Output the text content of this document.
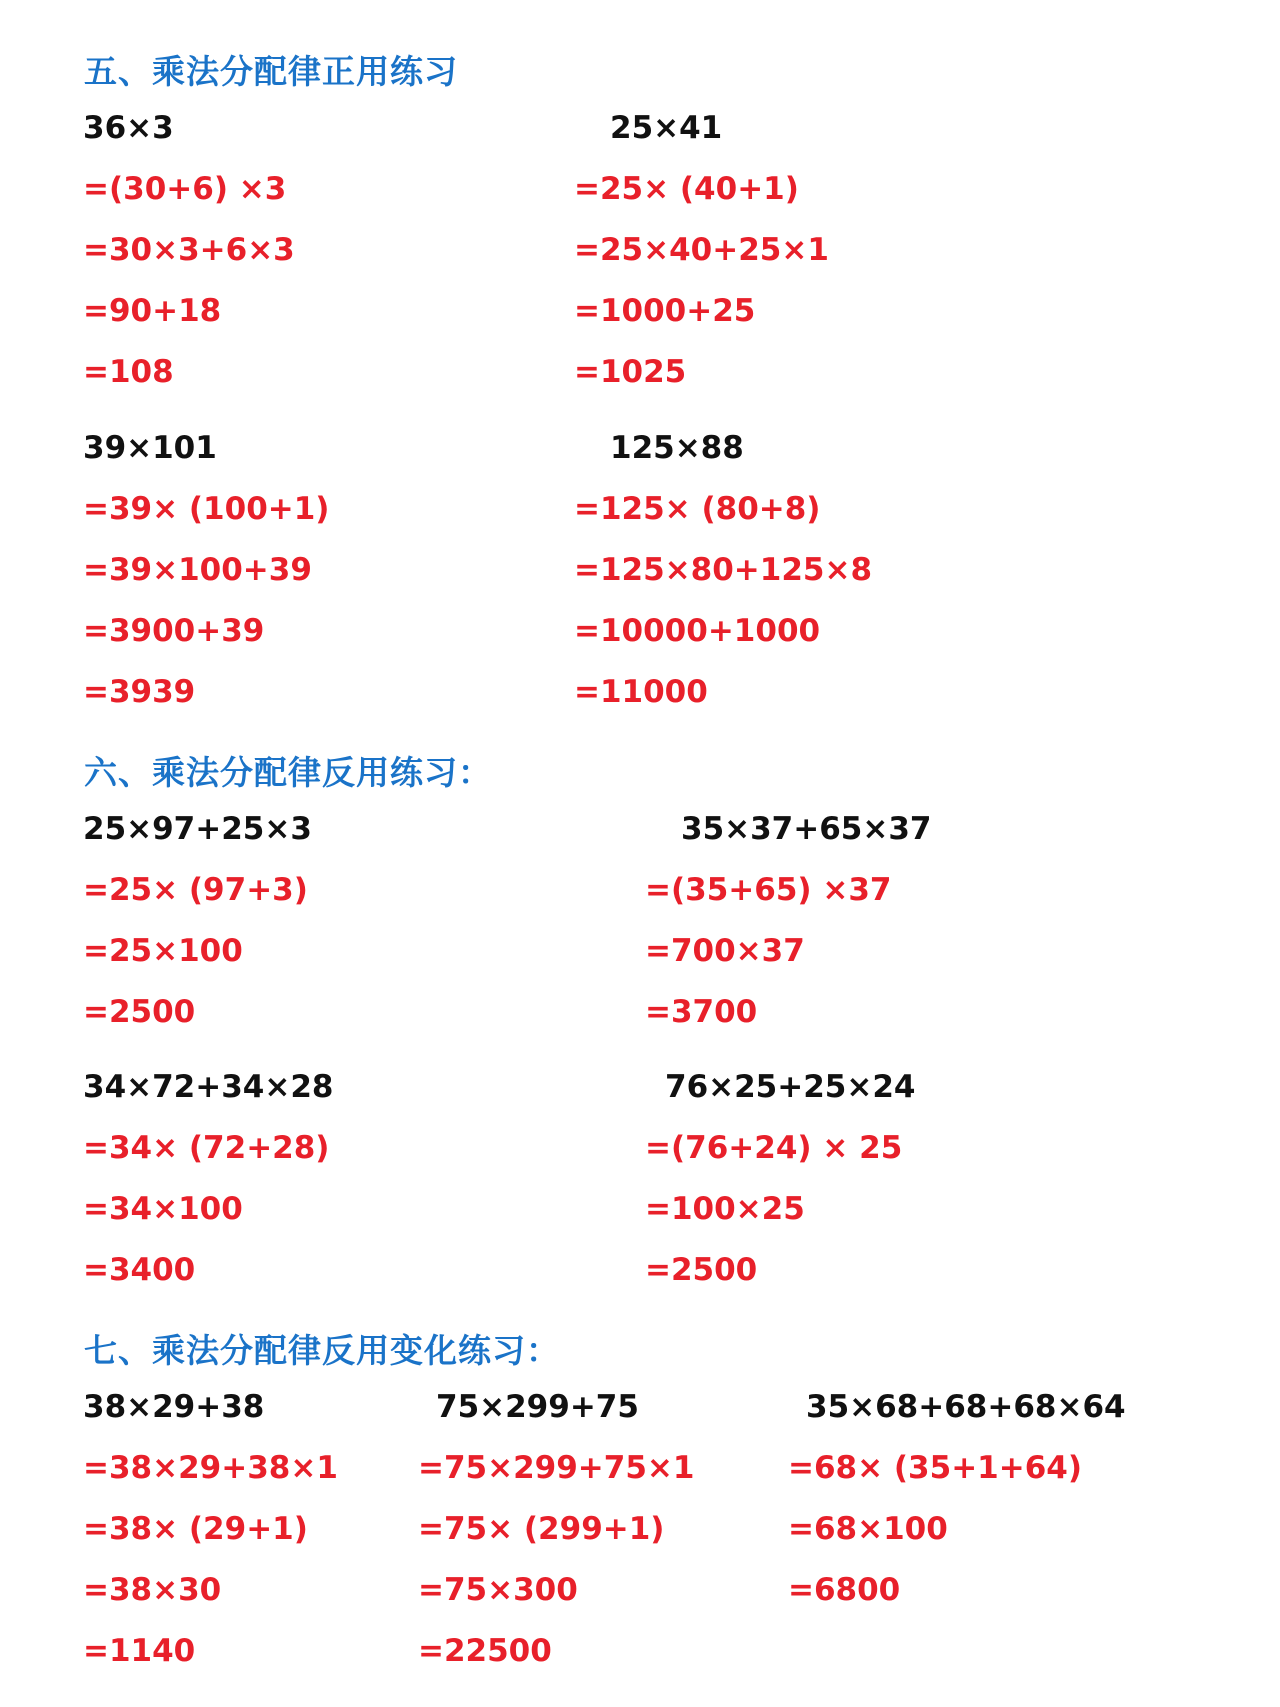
五、乘法分配律正用练习
36×3
=(30+6) ×3
=30×3+6×3
=90+18
=108
25×41
=25× (40+1)
=25×40+25×1
=1000+25
=1025
39×101
=39× (100+1)
=39×100+39
=3900+39
=3939
125×88
=125× (80+8)
=125×80+125×8
=10000+1000
=11000
六、乘法分配律反用练习：
25×97+25×3
=25× (97+3)
=25×100
=2500
35×37+65×37
=(35+65) ×37
=700×37
=3700
34×72+34×28
=34× (72+28)
=34×100
=3400
76×25+25×24
=(76+24) × 25
=100×25
=2500
七、乘法分配律反用变化练习：
38×29+38
=38×29+38×1
=38× (29+1)
=38×30
=1140
75×299+75
=75×299+75×1
=75× (299+1)
=75×300
=22500
35×68+68+68×64
=68× (35+1+64)
=68×100
=6800
